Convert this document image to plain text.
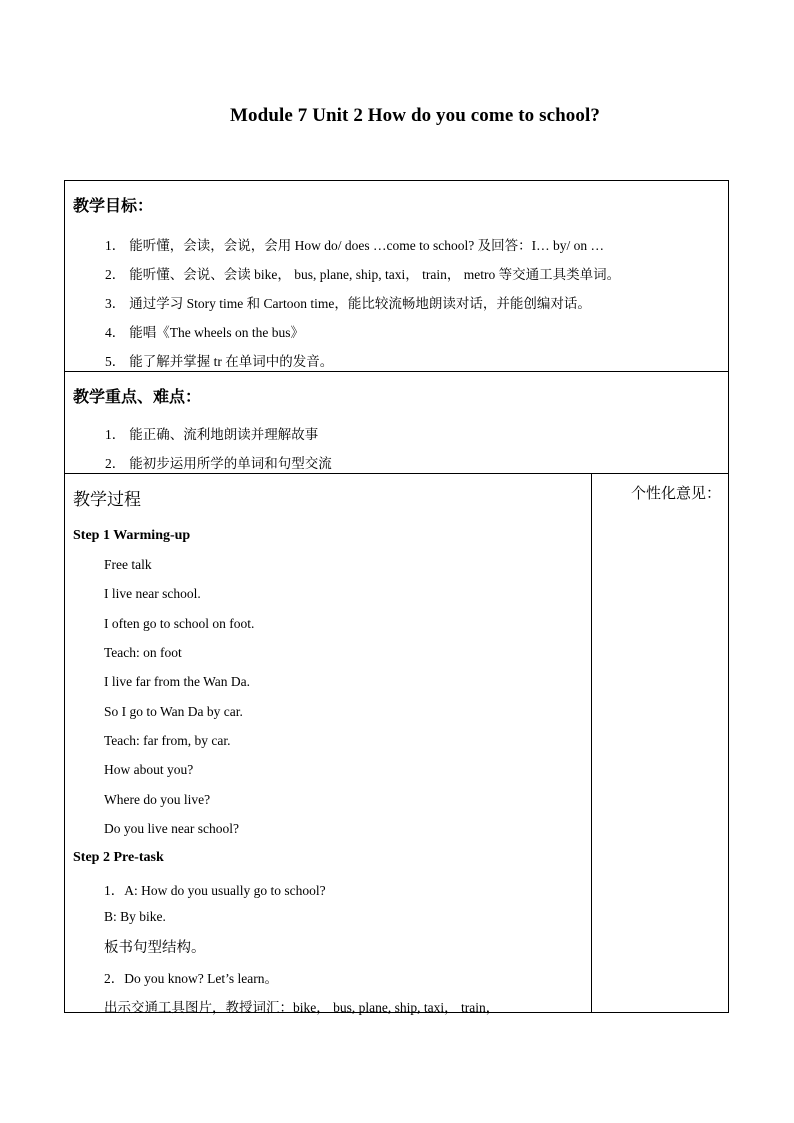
Module 7 Unit 2 How do you come to school?
教学目标：
1． 能听懂，会读，会说，会用 How do/ does …come to school? 及回答：I… by/ on …
2． 能听懂、会说、会读 bike， bus, plane, ship, taxi， train， metro 等交通工具类单词。
3． 通过学习 Story time 和 Cartoon time，能比较流畅地朗读对话，并能创编对话。
4． 能唱《The wheels on the bus》
5． 能了解并掌握 tr 在单词中的发音。
教学重点、难点：
1． 能正确、流利地朗读并理解故事
2． 能初步运用所学的单词和句型交流
教学过程	个性化意见：
Step 1 Warming-up
Free talk
I live near school.
I often go to school on foot.
Teach: on foot
I live far from the Wan Da.
So I go to Wan Da by car.
Teach: far from, by car.
How about you?
Where do you live?
Do you live near school?
Step 2 Pre-task
1．A: How do you usually go to school?
B: By bike.
板书句型结构。
2．Do you know? Let’s learn。
出示交通工具图片，教授词汇：bike， bus, plane, ship, taxi， train，
